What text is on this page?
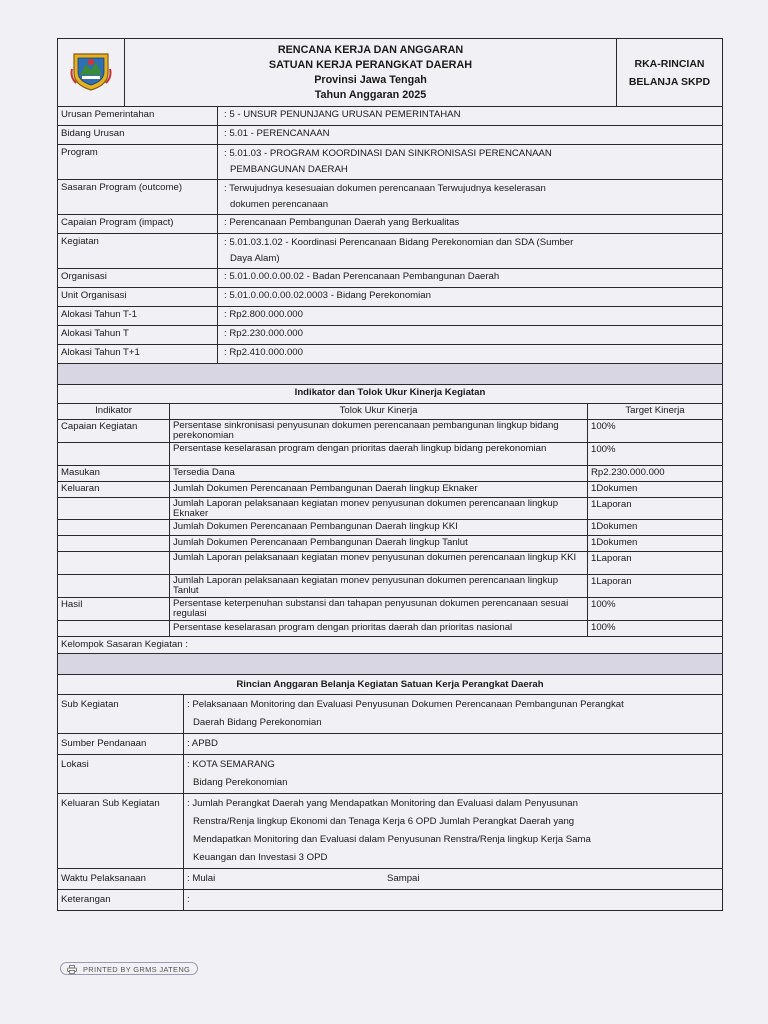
RENCANA KERJA DAN ANGGARAN
SATUAN KERJA PERANGKAT DAERAH
Provinsi Jawa Tengah
Tahun Anggaran 2025

RKA-RINCIAN
BELANJA SKPD
Urusan Pemerintahan	: 5 - UNSUR PENUNJANG URUSAN PEMERINTAHAN
Bidang Urusan	: 5.01 - PERENCANAAN
Program	: 5.01.03 - PROGRAM KOORDINASI DAN SINKRONISASI PERENCANAAN
PEMBANGUNAN DAERAH

Sasaran Program (outcome)	: Terwujudnya kesesuaian dokumen perencanaan Terwujudnya keselerasan
dokumen perencanaan

Capaian Program (impact)	: Perencanaan Pembangunan Daerah yang Berkualitas
Kegiatan	: 5.01.03.1.02 - Koordinasi Perencanaan Bidang Perekonomian dan SDA (Sumber
Daya Alam)

Organisasi	: 5.01.0.00.0.00.02 - Badan Perencanaan Pembangunan Daerah
Unit Organisasi	: 5.01.0.00.0.00.02.0003 - Bidang Perekonomian
Alokasi Tahun T-1	: Rp2.800.000.000
Alokasi Tahun T	: Rp2.230.000.000
Alokasi Tahun T+1	: Rp2.410.000.000

Indikator dan Tolok Ukur Kinerja Kegiatan		
Indikator	Tolok Ukur Kinerja	Target Kinerja
Capaian Kegiatan	Persentase sinkronisasi penyusunan dokumen perencanaan pembangunan lingkup bidang perekonomian	100%
	Persentase keselarasan program dengan prioritas daerah lingkup bidang perekonomian	100%
Masukan	Tersedia Dana	Rp2.230.000.000
Keluaran	Jumlah Dokumen Perencanaan Pembangunan Daerah lingkup Eknaker	1Dokumen
	Jumlah Laporan pelaksanaan kegiatan monev penyusunan dokumen perencanaan lingkup Eknaker	1Laporan
	Jumlah Dokumen Perencanaan Pembangunan Daerah lingkup KKI	1Dokumen
	Jumlah Dokumen Perencanaan Pembangunan Daerah lingkup Tanlut	1Dokumen
	Jumlah Laporan pelaksanaan kegiatan monev penyusunan dokumen perencanaan lingkup KKI	1Laporan
	Jumlah Laporan pelaksanaan kegiatan monev penyusunan dokumen perencanaan lingkup Tanlut	1Laporan
Hasil	Persentase keterpenuhan substansi dan tahapan penyusunan dokumen perencanaan sesuai regulasi	100%
	Persentase keselarasan program dengan prioritas daerah dan prioritas nasional	100%
Kelompok Sasaran Kegiatan :		

Rincian Anggaran Belanja Kegiatan Satuan Kerja Perangkat Daerah		
Sub Kegiatan	: Pelaksanaan Monitoring dan Evaluasi Penyusunan Dokumen Perencanaan Pembangunan Perangkat
Daerah Bidang Perekonomian

Sumber Pendanaan	: APBD

Lokasi	: KOTA SEMARANG
Bidang Perekonomian

Keluaran Sub Kegiatan	: Jumlah Perangkat Daerah yang Mendapatkan Monitoring dan Evaluasi dalam Penyusunan
Renstra/Renja lingkup Ekonomi dan Tenaga Kerja 6 OPD Jumlah Perangkat Daerah yang
Mendapatkan Monitoring dan Evaluasi dalam Penyusunan Renstra/Renja lingkup Kerja Sama
Keuangan dan Investasi 3 OPD

Waktu Pelaksanaan	: Mulai Sampai
Keterangan	:
PRINTED BY GRMS JATENG
